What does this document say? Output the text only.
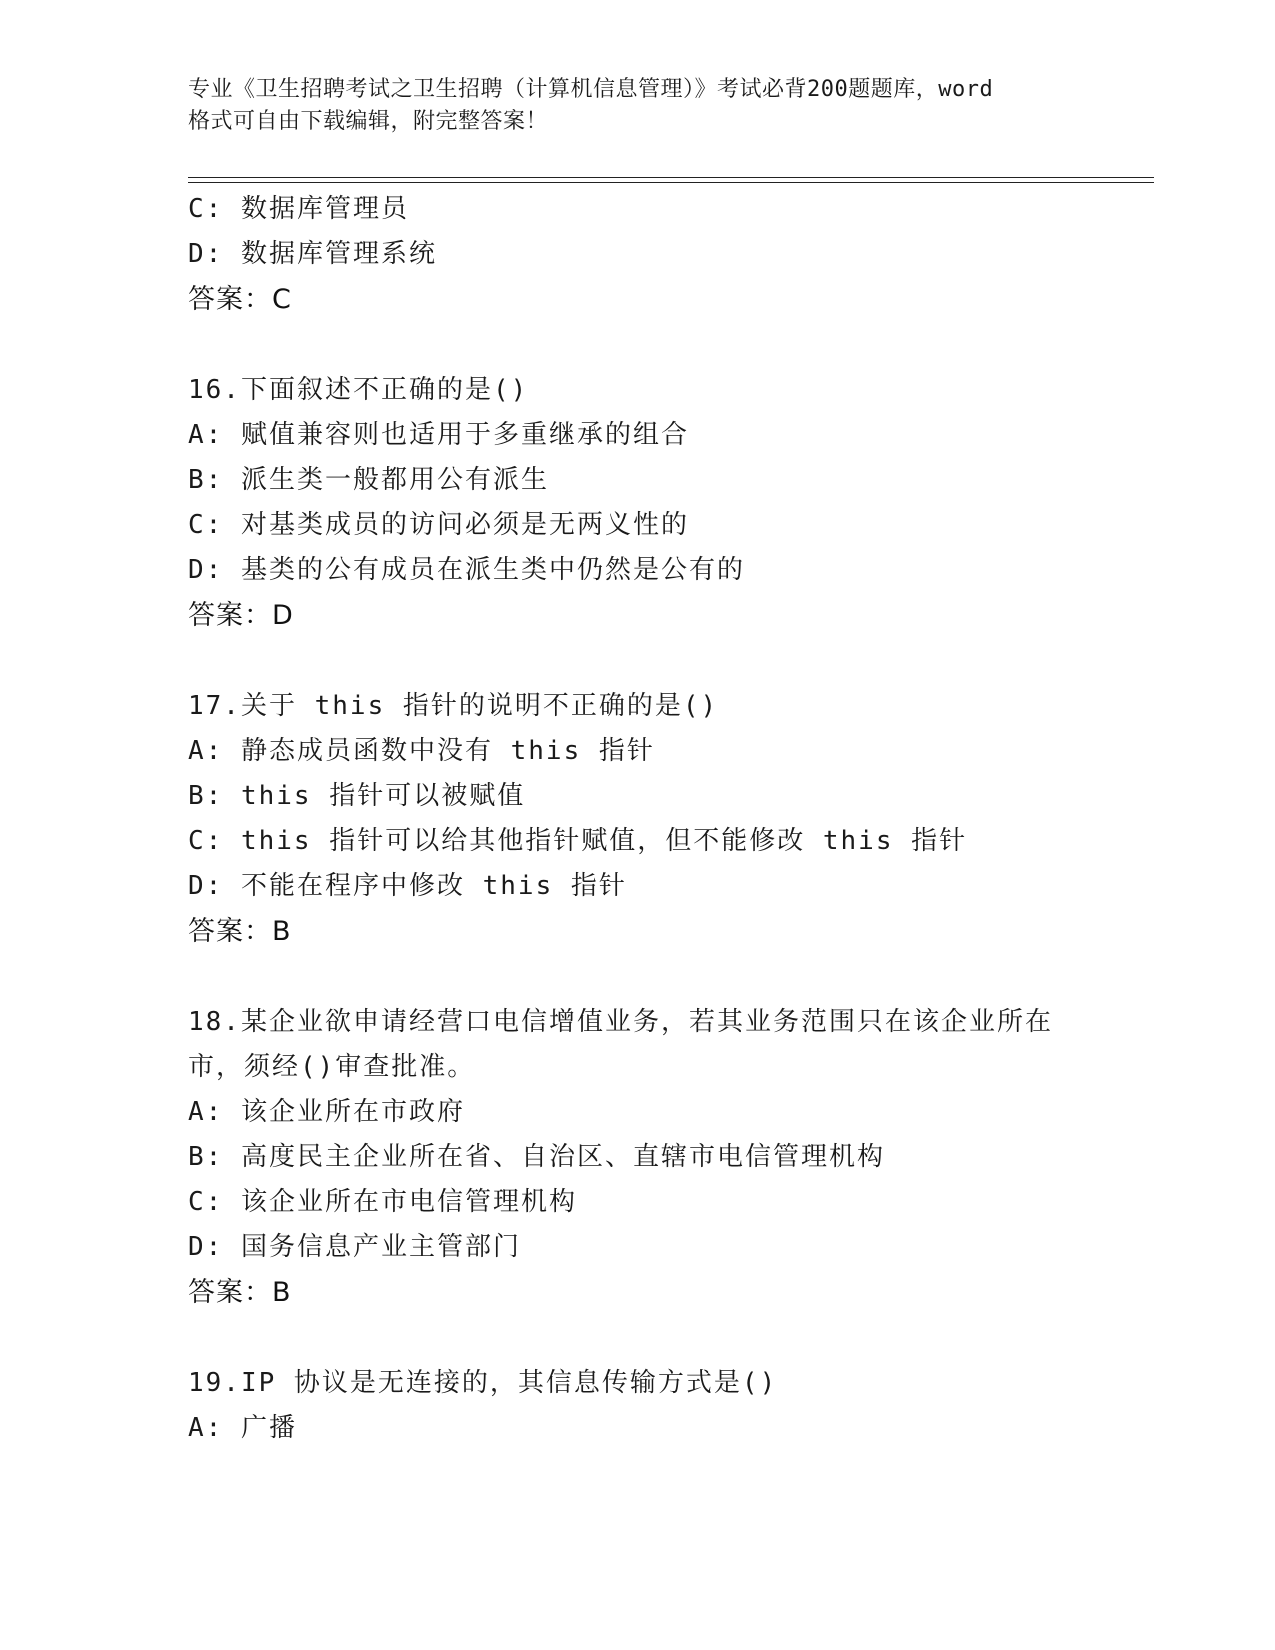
专业《卫生招聘考试之卫生招聘（计算机信息管理）》考试必背200题题库，word
格式可自由下载编辑，附完整答案！
C: 数据库管理员
D: 数据库管理系统
答案：C
16.下面叙述不正确的是()
A: 赋值兼容则也适用于多重继承的组合
B: 派生类一般都用公有派生
C: 对基类成员的访问必须是无两义性的
D: 基类的公有成员在派生类中仍然是公有的
答案：D
17.关于 this 指针的说明不正确的是()
A: 静态成员函数中没有 this 指针
B: this 指针可以被赋值
C: this 指针可以给其他指针赋值，但不能修改 this 指针
D: 不能在程序中修改 this 指针
答案：B
18.某企业欲申请经营口电信增值业务，若其业务范围只在该企业所在
市，须经()审查批准。
A: 该企业所在市政府
B: 高度民主企业所在省、自治区、直辖市电信管理机构
C: 该企业所在市电信管理机构
D: 国务信息产业主管部门
答案：B
19.IP 协议是无连接的，其信息传输方式是()
A: 广播
